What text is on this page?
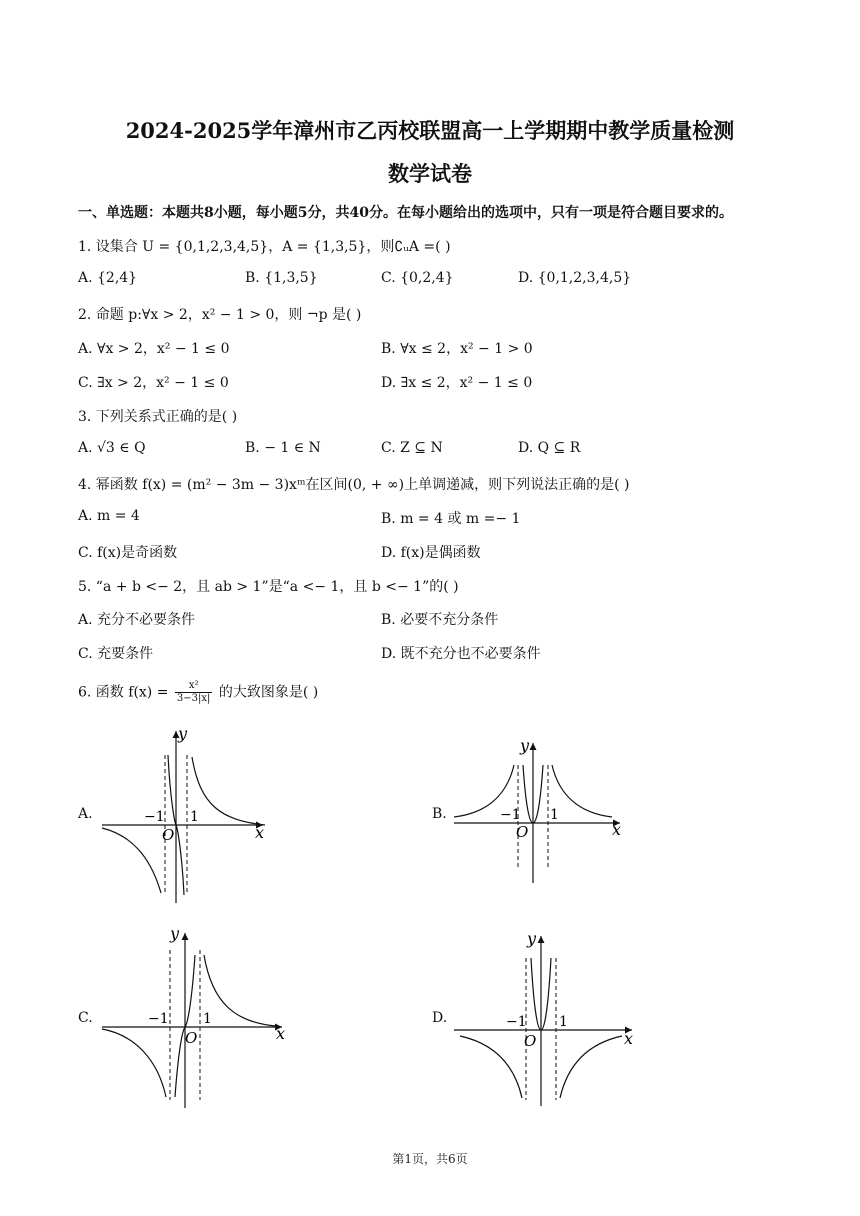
2024-2025学年漳州市乙丙校联盟高一上学期期中教学质量检测
数学试卷
一、单选题：本题共8小题，每小题5分，共40分。在每小题给出的选项中，只有一项是符合题目要求的。
1. 设集合 U = {0,1,2,3,4,5}，A = {1,3,5}，则∁ᵤA =( )
A. {2,4}	B. {1,3,5}	C. {0,2,4}	D. {0,1,2,3,4,5}
2. 命题 p:∀x > 2，x² − 1 > 0，则 ¬p 是( )
A. ∀x > 2，x² − 1 ≤ 0	B. ∀x ≤ 2，x² − 1 > 0
C. ∃x > 2，x² − 1 ≤ 0	D. ∃x ≤ 2，x² − 1 ≤ 0
3. 下列关系式正确的是( )
A. √3 ∈ Q	B. − 1 ∈ N	C. Z ⊆ N	D. Q ⊆ R
4. 幂函数 f(x) = (m² − 3m − 3)xᵐ在区间(0, + ∞)上单调递减，则下列说法正确的是( )
A. m = 4	B. m = 4 或 m =− 1
C. f(x)是奇函数	D. f(x)是偶函数
5. “a + b <− 2，且 ab > 1”是“a <− 1，且 b <− 1”的( )
A. 充分不必要条件	B. 必要不充分条件
C. 充要条件	D. 既不充分也不必要条件
6. 函数 $f(x) = \frac{\text{x²}}{3-3|x|}$ 的大致图象是( )
A.	B.
C.	D.
y
x
O
−1 1
y
x
O
−1 1
y
x
O
−1 1
y
x
O
−1 1
第1页，共6页
